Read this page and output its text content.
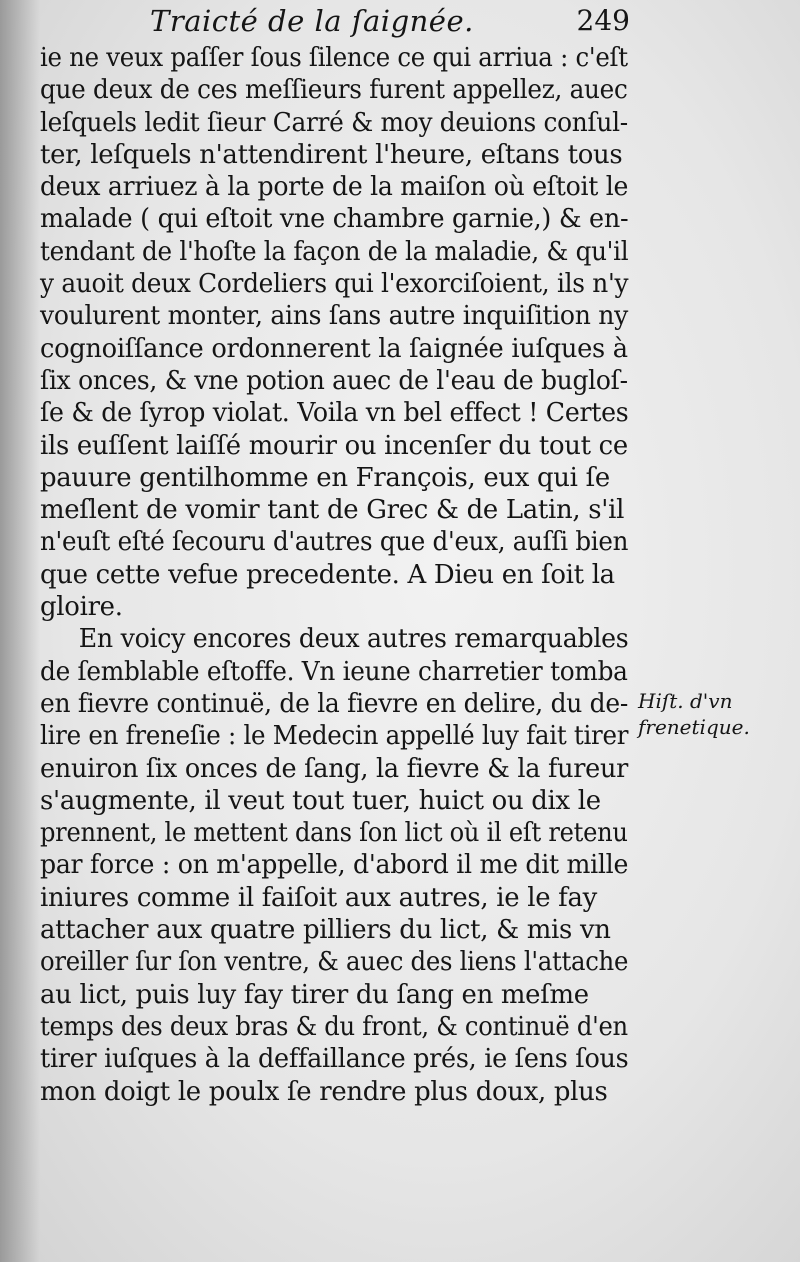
Traicté de la ſaignée.	249
ie ne veux paſſer ſous ſilence ce qui arriua : c'eſt
que deux de ces meſſieurs furent appellez, auec
leſquels ledit ſieur Carré & moy deuions conſul-
ter, leſquels n'attendirent l'heure, eſtans tous
deux arriuez à la porte de la maiſon où eſtoit le
malade ( qui eſtoit vne chambre garnie,) & en-
tendant de l'hoſte la façon de la maladie, & qu'il
y auoit deux Cordeliers qui l'exorciſoient, ils n'y
voulurent monter, ains ſans autre inquiſition ny
cognoiſſance ordonnerent la ſaignée iuſques à
ſix onces, & vne potion auec de l'eau de bugloſ-
ſe & de ſyrop violat. Voila vn bel effect ! Certes
ils euſſent laiſſé mourir ou incenſer du tout ce
pauure gentilhomme en François, eux qui ſe
meſlent de vomir tant de Grec & de Latin, s'il
n'euſt eſté ſecouru d'autres que d'eux, auſſi bien
que cette vefue precedente. A Dieu en ſoit la
gloire.
En voicy encores deux autres remarquables
de ſemblable eſtoffe. Vn ieune charretier tomba
en fievre continuë, de la fievre en delire, du de-
lire en freneſie : le Medecin appellé luy fait tirer
enuiron ſix onces de ſang, la fievre & la fureur
s'augmente, il veut tout tuer, huict ou dix le
prennent, le mettent dans ſon lict où il eſt retenu
par force : on m'appelle, d'abord il me dit mille
iniures comme il faiſoit aux autres, ie le fay
attacher aux quatre pilliers du lict, & mis vn
oreiller ſur ſon ventre, & auec des liens l'attache
au lict, puis luy fay tirer du ſang en meſme
temps des deux bras & du front, & continuë d'en
tirer iuſques à la deffaillance prés, ie ſens ſous
mon doigt le poulx ſe rendre plus doux, plus
Hiſt. d'vn
frenetique.
